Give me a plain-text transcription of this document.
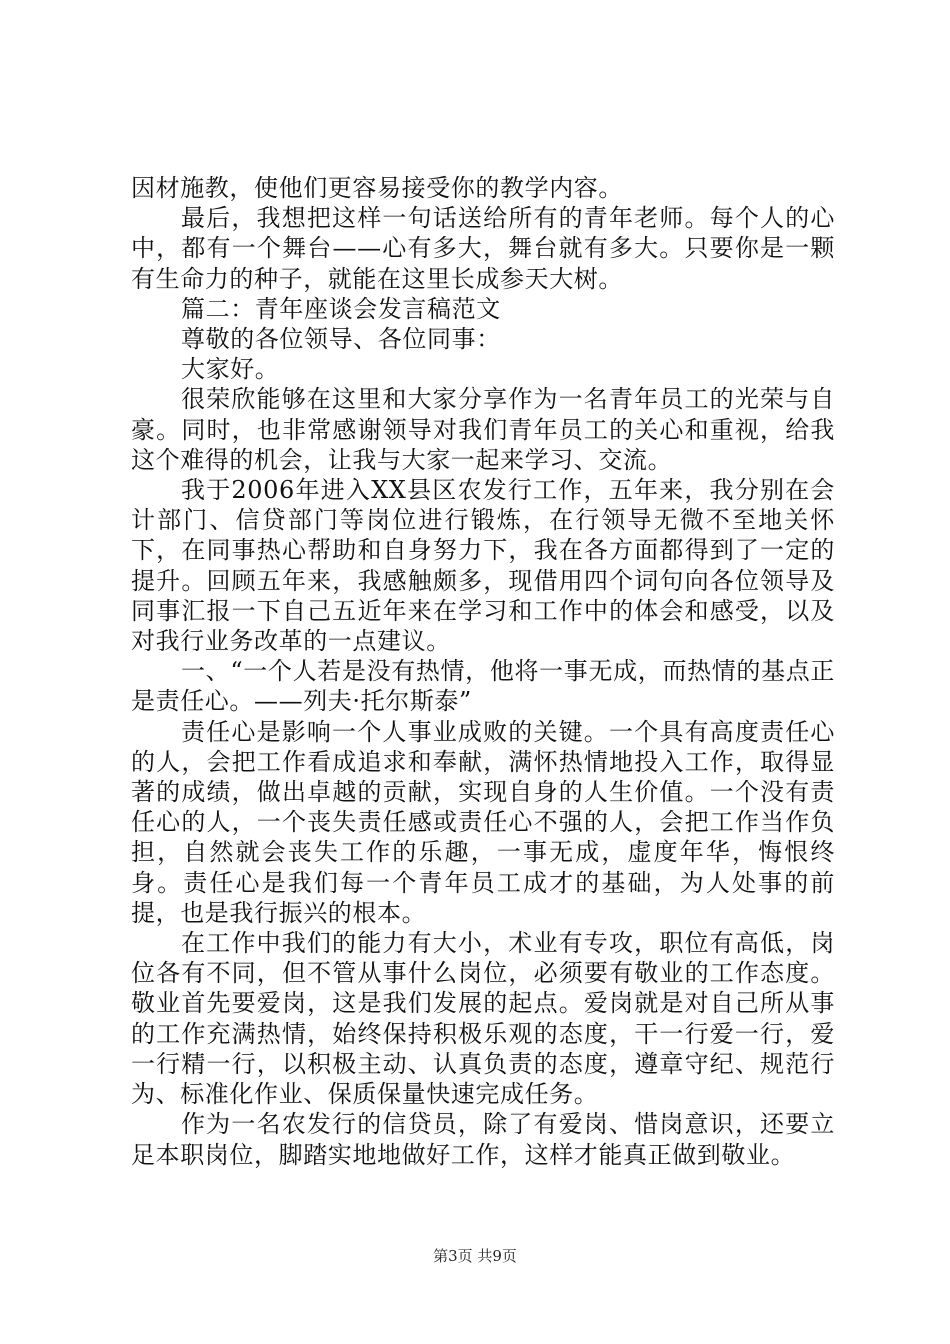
因材施教，使他们更容易接受你的教学内容。

最后，我想把这样一句话送给所有的青年老师。每个人的心中，都有一个舞台——心有多大，舞台就有多大。只要你是一颗有生命力的种子，就能在这里长成参天大树。

篇二：青年座谈会发言稿范文

尊敬的各位领导、各位同事：

大家好。

很荣欣能够在这里和大家分享作为一名青年员工的光荣与自豪。同时，也非常感谢领导对我们青年员工的关心和重视，给我这个难得的机会，让我与大家一起来学习、交流。

我于2006年进入XX县区农发行工作，五年来，我分别在会计部门、信贷部门等岗位进行锻炼，在行领导无微不至地关怀下，在同事热心帮助和自身努力下，我在各方面都得到了一定的提升。回顾五年来，我感触颇多，现借用四个词句向各位领导及同事汇报一下自己五近年来在学习和工作中的体会和感受，以及对我行业务改革的一点建议。

一、“一个人若是没有热情，他将一事无成，而热情的基点正是责任心。——列夫·托尔斯泰”

责任心是影响一个人事业成败的关键。一个具有高度责任心的人，会把工作看成追求和奉献，满怀热情地投入工作，取得显著的成绩，做出卓越的贡献，实现自身的人生价值。一个没有责任心的人，一个丧失责任感或责任心不强的人，会把工作当作负担，自然就会丧失工作的乐趣，一事无成，虚度年华，悔恨终身。责任心是我们每一个青年员工成才的基础，为人处事的前提，也是我行振兴的根本。

在工作中我们的能力有大小，术业有专攻，职位有高低，岗位各有不同，但不管从事什么岗位，必须要有敬业的工作态度。敬业首先要爱岗，这是我们发展的起点。爱岗就是对自己所从事的工作充满热情，始终保持积极乐观的态度，干一行爱一行，爱一行精一行，以积极主动、认真负责的态度，遵章守纪、规范行为、标准化作业、保质保量快速完成任务。

作为一名农发行的信贷员，除了有爱岗、惜岗意识，还要立足本职岗位，脚踏实地地做好工作，这样才能真正做到敬业。

第3页 共9页
